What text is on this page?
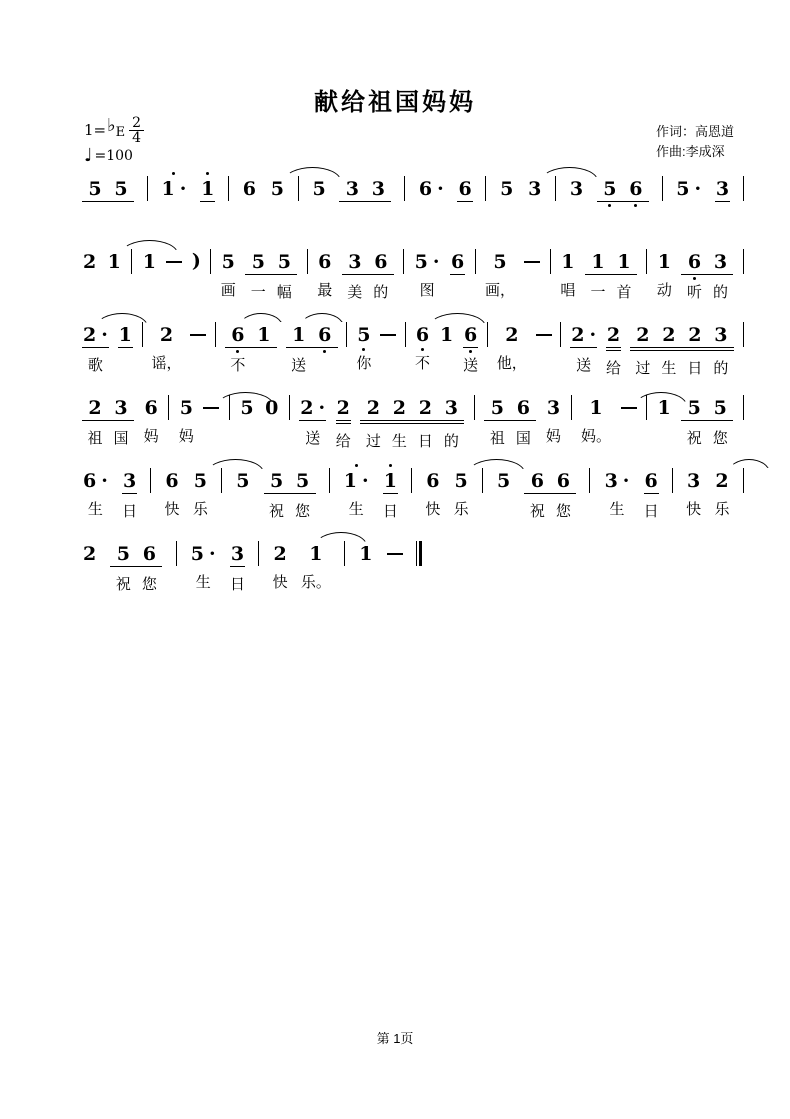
献给祖国妈妈
1= ♭ E $\frac{2}{4}$
♩ =100
作词：高恩道
作曲:李成深
5 5 1 · 1 6 5 5 3 3 6 · 6 5 3 3 5 6 5 · 3
2 1 1 ) 5
画
5 5
一 幅
6
最
3 6
美 的
5 ·
图
6 5
画，
1
唱
1 1
一 首
1
动
6 3
听 的
2 ·
歌
1 2
谣，
6 1
不
1 6
送
5
你
6
不
1 6
送
2
他，
2 ·
送
2
给
2 2 2 3
过 生 日 的
2 3
祖 国
6
妈
5
妈
5 0 2 ·
送
2
给
2 2 2 3
过 生 日 的
5 6
祖 国
3
妈
1
妈。
1 5 5
祝 您
6 ·
生
3
日
6
快
5
乐
5 5 5
祝 您
1 ·
生
1
日
6
快
5
乐
5 6 6
祝 您
3 ·
生
6
日
3
快
2
乐
2 5 6
祝 您
5 ·
生
3
日
2
快
1
乐。
1
第 1页
